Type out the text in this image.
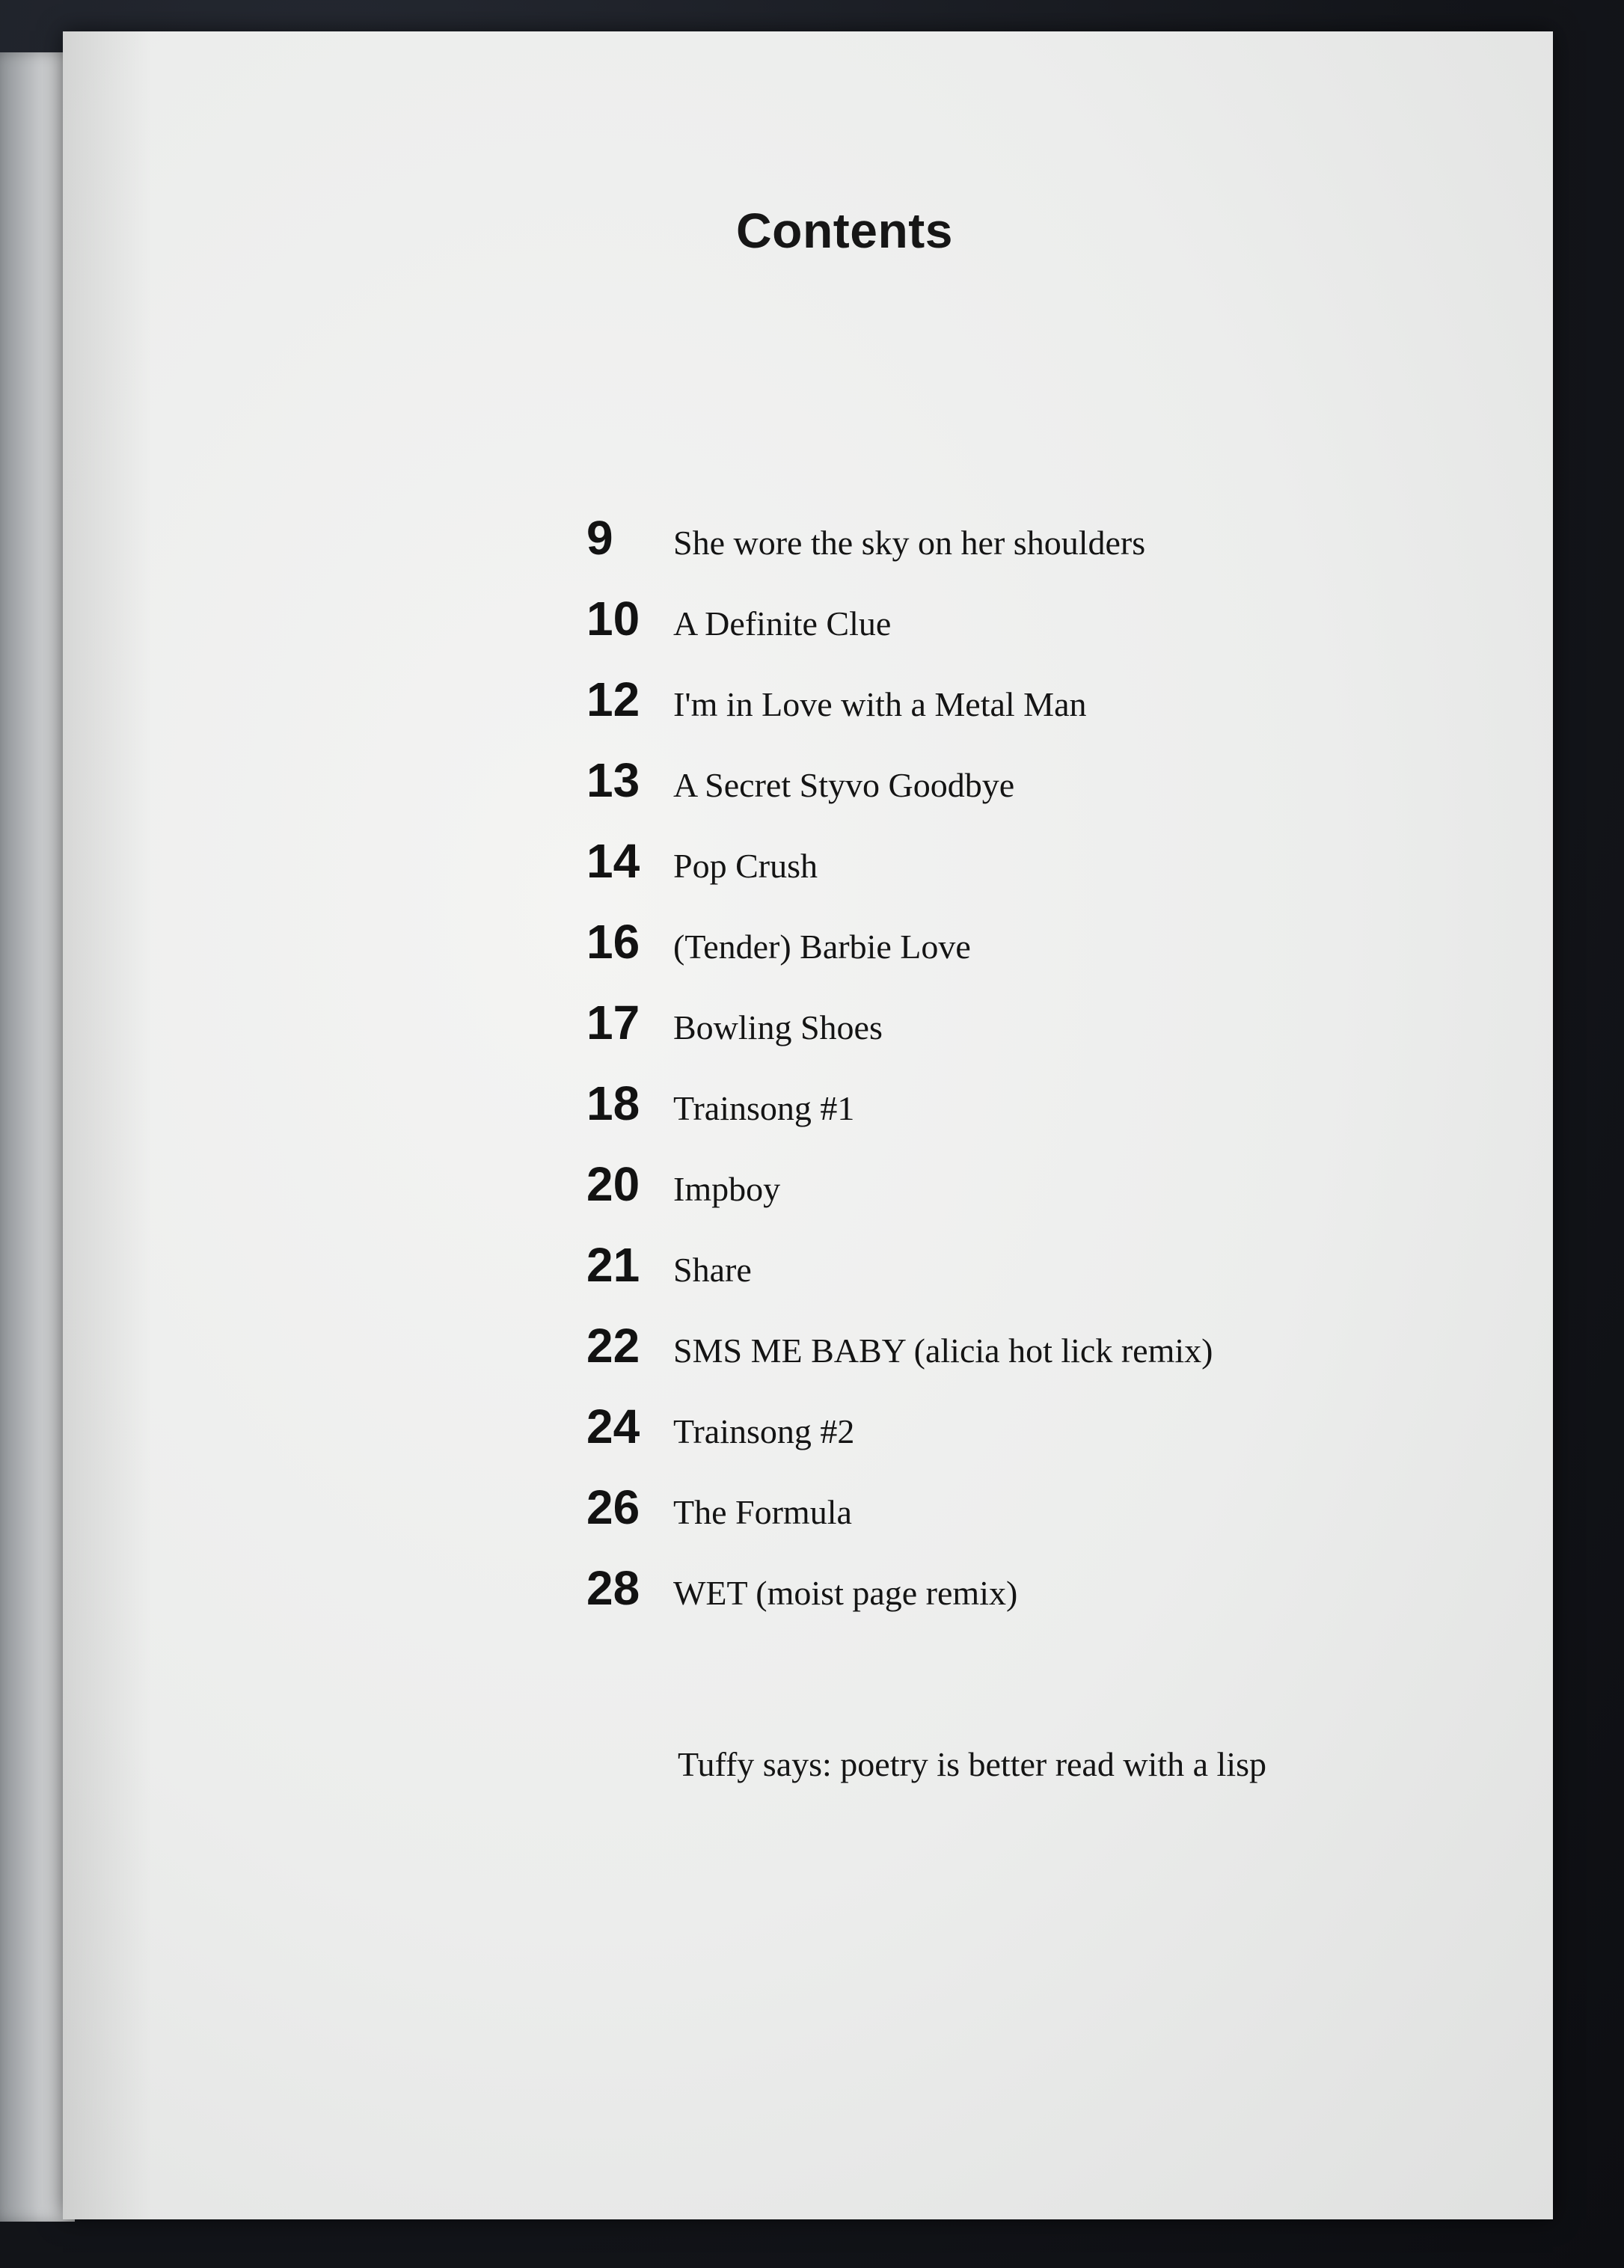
Contents
9	She wore the sky on her shoulders
10 A Definite Clue
12 I'm in Love with a Metal Man
13 A Secret Styvo Goodbye
14 Pop Crush
16 (Tender) Barbie Love
17 Bowling Shoes
18 Trainsong #1
20 Impboy
21 Share
22 SMS ME BABY (alicia hot lick remix)
24 Trainsong #2
26 The Formula
28 WET (moist page remix)
Tuffy says: poetry is better read with a lisp
